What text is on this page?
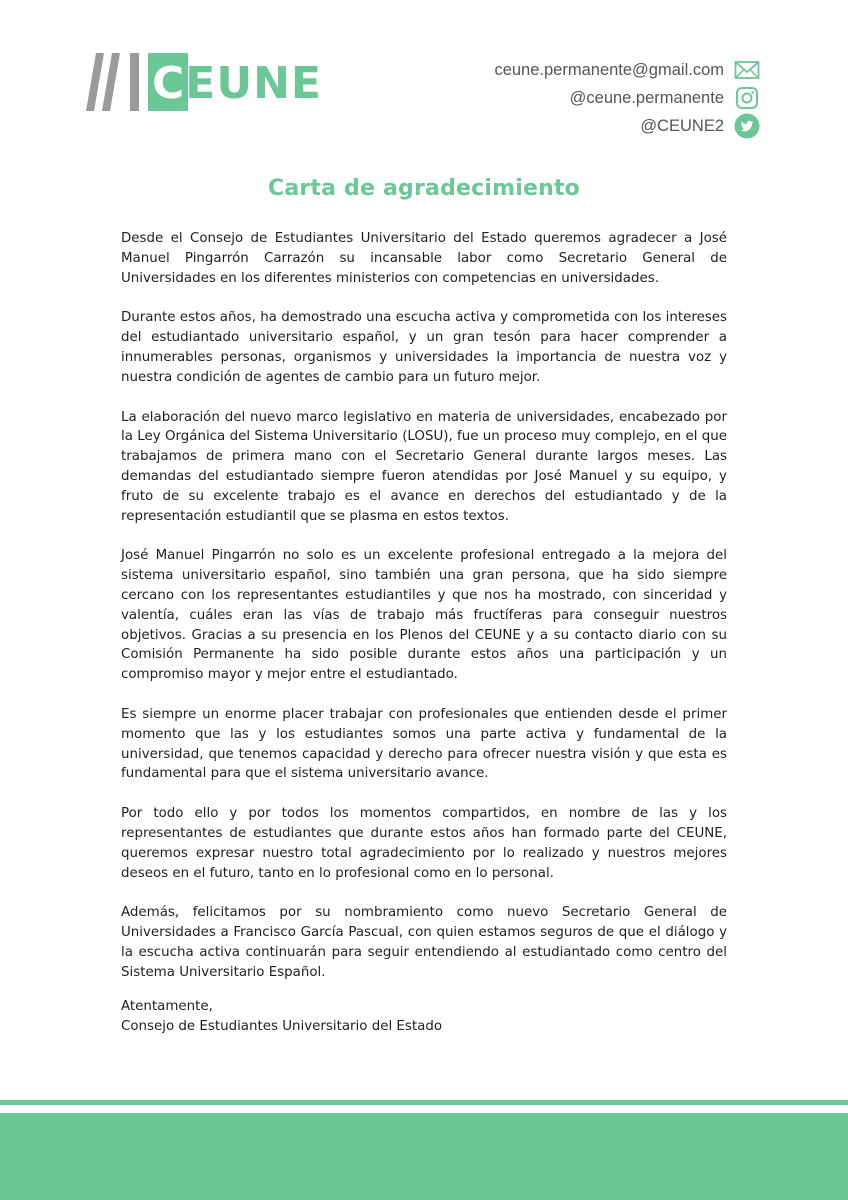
CEUNE	ceune.permanente@gmail.com
@ceune.permanente
@CEUNE2
Carta de agradecimiento

Desde el Consejo de Estudiantes Universitario del Estado queremos agradecer a José Manuel Pingarrón Carrazón su incansable labor como Secretario General de Universidades en los diferentes ministerios con competencias en universidades.

Durante estos años, ha demostrado una escucha activa y comprometida con los intereses del estudiantado universitario español, y un gran tesón para hacer comprender a innumerables personas, organismos y universidades la importancia de nuestra voz y nuestra condición de agentes de cambio para un futuro mejor.

La elaboración del nuevo marco legislativo en materia de universidades, encabezado por la Ley Orgánica del Sistema Universitario (LOSU), fue un proceso muy complejo, en el que trabajamos de primera mano con el Secretario General durante largos meses. Las demandas del estudiantado siempre fueron atendidas por José Manuel y su equipo, y fruto de su excelente trabajo es el avance en derechos del estudiantado y de la representación estudiantil que se plasma en estos textos.

José Manuel Pingarrón no solo es un excelente profesional entregado a la mejora del sistema universitario español, sino también una gran persona, que ha sido siempre cercano con los representantes estudiantiles y que nos ha mostrado, con sinceridad y valentía, cuáles eran las vías de trabajo más fructíferas para conseguir nuestros objetivos. Gracias a su presencia en los Plenos del CEUNE y a su contacto diario con su Comisión Permanente ha sido posible durante estos años una participación y un compromiso mayor y mejor entre el estudiantado.

Es siempre un enorme placer trabajar con profesionales que entienden desde el primer momento que las y los estudiantes somos una parte activa y fundamental de la universidad, que tenemos capacidad y derecho para ofrecer nuestra visión y que esta es fundamental para que el sistema universitario avance.

Por todo ello y por todos los momentos compartidos, en nombre de las y los representantes de estudiantes que durante estos años han formado parte del CEUNE, queremos expresar nuestro total agradecimiento por lo realizado y nuestros mejores deseos en el futuro, tanto en lo profesional como en lo personal.

Además, felicitamos por su nombramiento como nuevo Secretario General de Universidades a Francisco García Pascual, con quien estamos seguros de que el diálogo y la escucha activa continuarán para seguir entendiendo al estudiantado como centro del Sistema Universitario Español.

Atentamente,
Consejo de Estudiantes Universitario del Estado
